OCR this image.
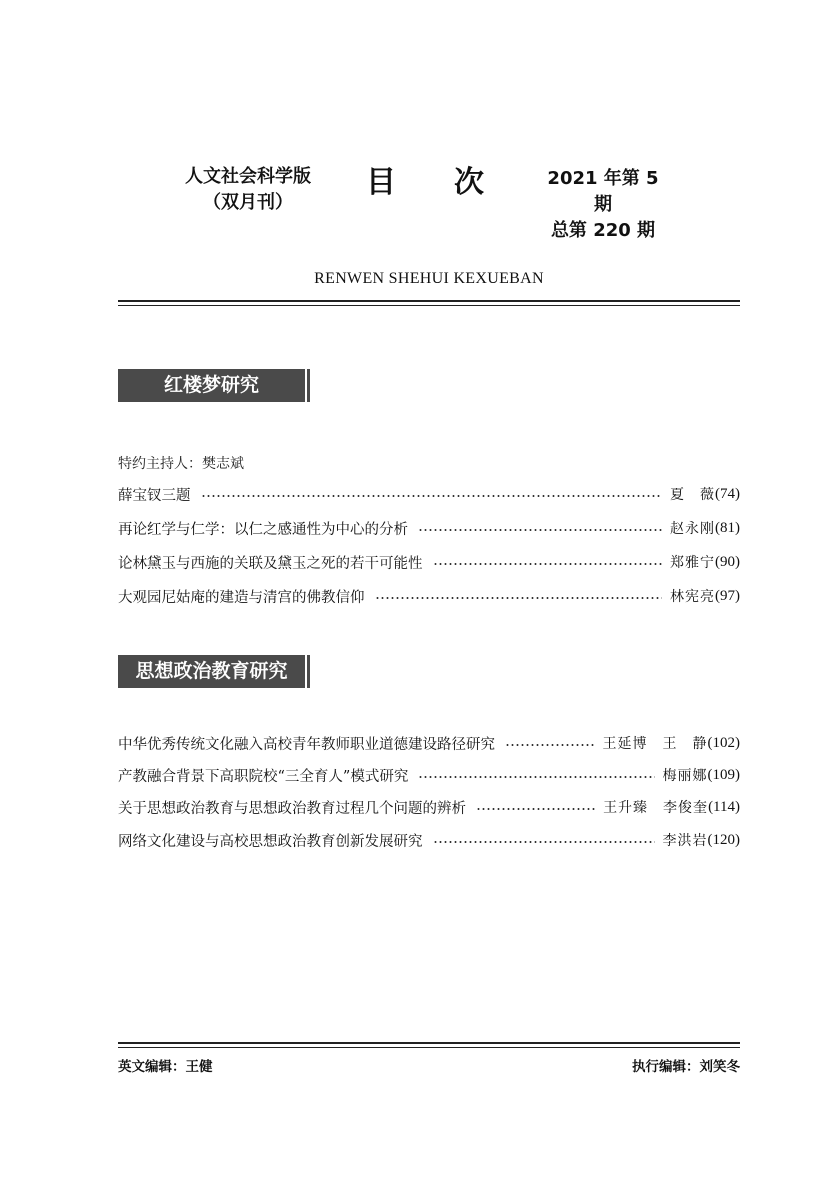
人文社会科学版
（双月刊）
目次 2021 年第 5 期
总第 220 期
RENWEN SHEHUI KEXUEBAN
红楼梦研究
特约主持人：樊志斌
薛宝钗三题	夏　薇 (74)
再论红学与仁学：以仁之感通性为中心的分析	赵永刚 (81)
论林黛玉与西施的关联及黛玉之死的若干可能性	郑雅宁 (90)
大观园尼姑庵的建造与清宫的佛教信仰	林宪亮 (97)
思想政治教育研究
中华优秀传统文化融入高校青年教师职业道德建设路径研究	王延博　王　静 (102)
产教融合背景下高职院校“三全育人”模式研究	梅丽娜 (109)
关于思想政治教育与思想政治教育过程几个问题的辨析	王升臻　李俊奎 (114)
网络文化建设与高校思想政治教育创新发展研究	李洪岩 (120)
英文编辑：王健	执行编辑：刘笑冬
